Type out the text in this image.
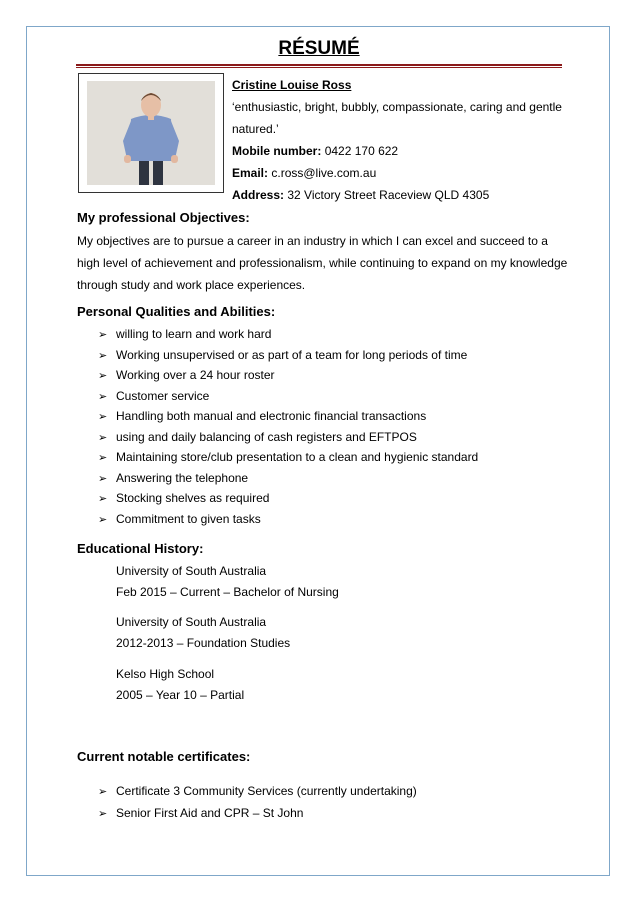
RÉSUMÉ
Cristine Louise Ross
‘enthusiastic, bright, bubbly, compassionate, caring and gentle
natured.’
Mobile number: 0422 170 622
Email: c.ross@live.com.au
Address: 32 Victory Street Raceview QLD 4305
My professional Objectives:
My objectives are to pursue a career in an industry in which I can excel and succeed to a
high level of achievement and professionalism, while continuing to expand on my knowledge
through study and work place experiences.
Personal Qualities and Abilities:
➢ willing to learn and work hard
➢ Working unsupervised or as part of a team for long periods of time
➢ Working over a 24 hour roster
➢ Customer service
➢ Handling both manual and electronic financial transactions
➢ using and daily balancing of cash registers and EFTPOS
➢ Maintaining store/club presentation to a clean and hygienic standard
➢ Answering the telephone
➢ Stocking shelves as required
➢ Commitment to given tasks
Educational History:
University of South Australia
Feb 2015 – Current – Bachelor of Nursing
University of South Australia
2012-2013 – Foundation Studies
Kelso High School
2005 – Year 10 – Partial
Current notable certificates:
➢ Certificate 3 Community Services (currently undertaking)
➢ Senior First Aid and CPR – St John
